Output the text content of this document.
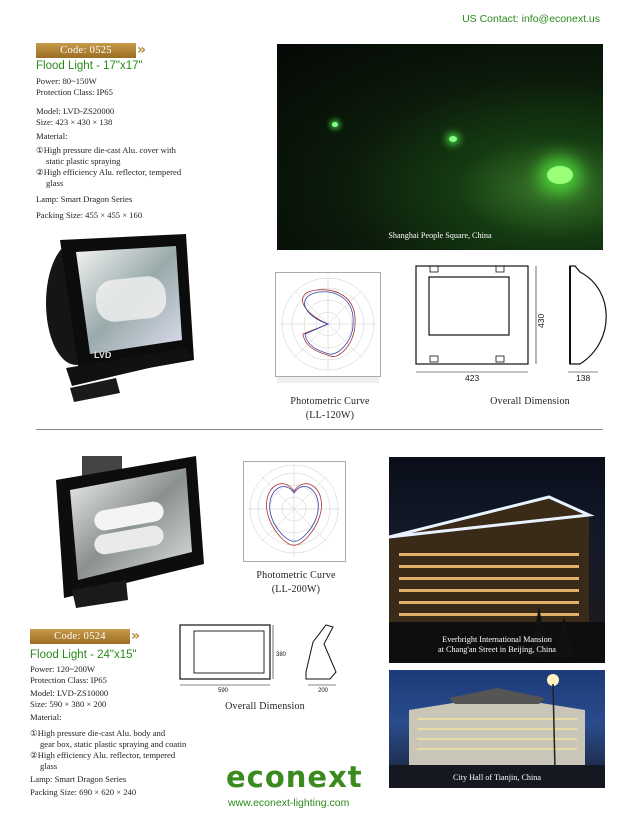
US Contact: info@econext.us
Code: 0525	»
Flood Light - 17"x17"
Power: 80~150W
Protection Class: IP65
Model: LVD-ZS20000
Size: 423 × 430 × 138
Material:
①High pressure die-cast Alu. cover with
static plastic spraying
②High efficiency Alu. reflector, tempered
glass
Lamp: Smart Dragon Series
Packing Size: 455 × 455 × 160
LVD
Shanghai People Square, China
423
430
138
Photometric Curve
(LL-120W)
Overall Dimension
Photometric Curve
(LL-200W)
Everbright International Mansion
at Chang'an Street in Beijing, China
City Hall of Tianjin, China
Code: 0524	»
Flood Light - 24"x15"
Power: 120~200W
Protection Class: IP65
Model: LVD-ZS10000
Size: 590 × 380 × 200
Material:
①High pressure die-cast Alu. body and
gear box, static plastic spraying and coatin
②High efficiency Alu. reflector, tempered
glass
Lamp: Smart Dragon Series
Packing Size: 690 × 620 × 240
590
380
200
Overall Dimension
econext
www.econext-lighting.com
